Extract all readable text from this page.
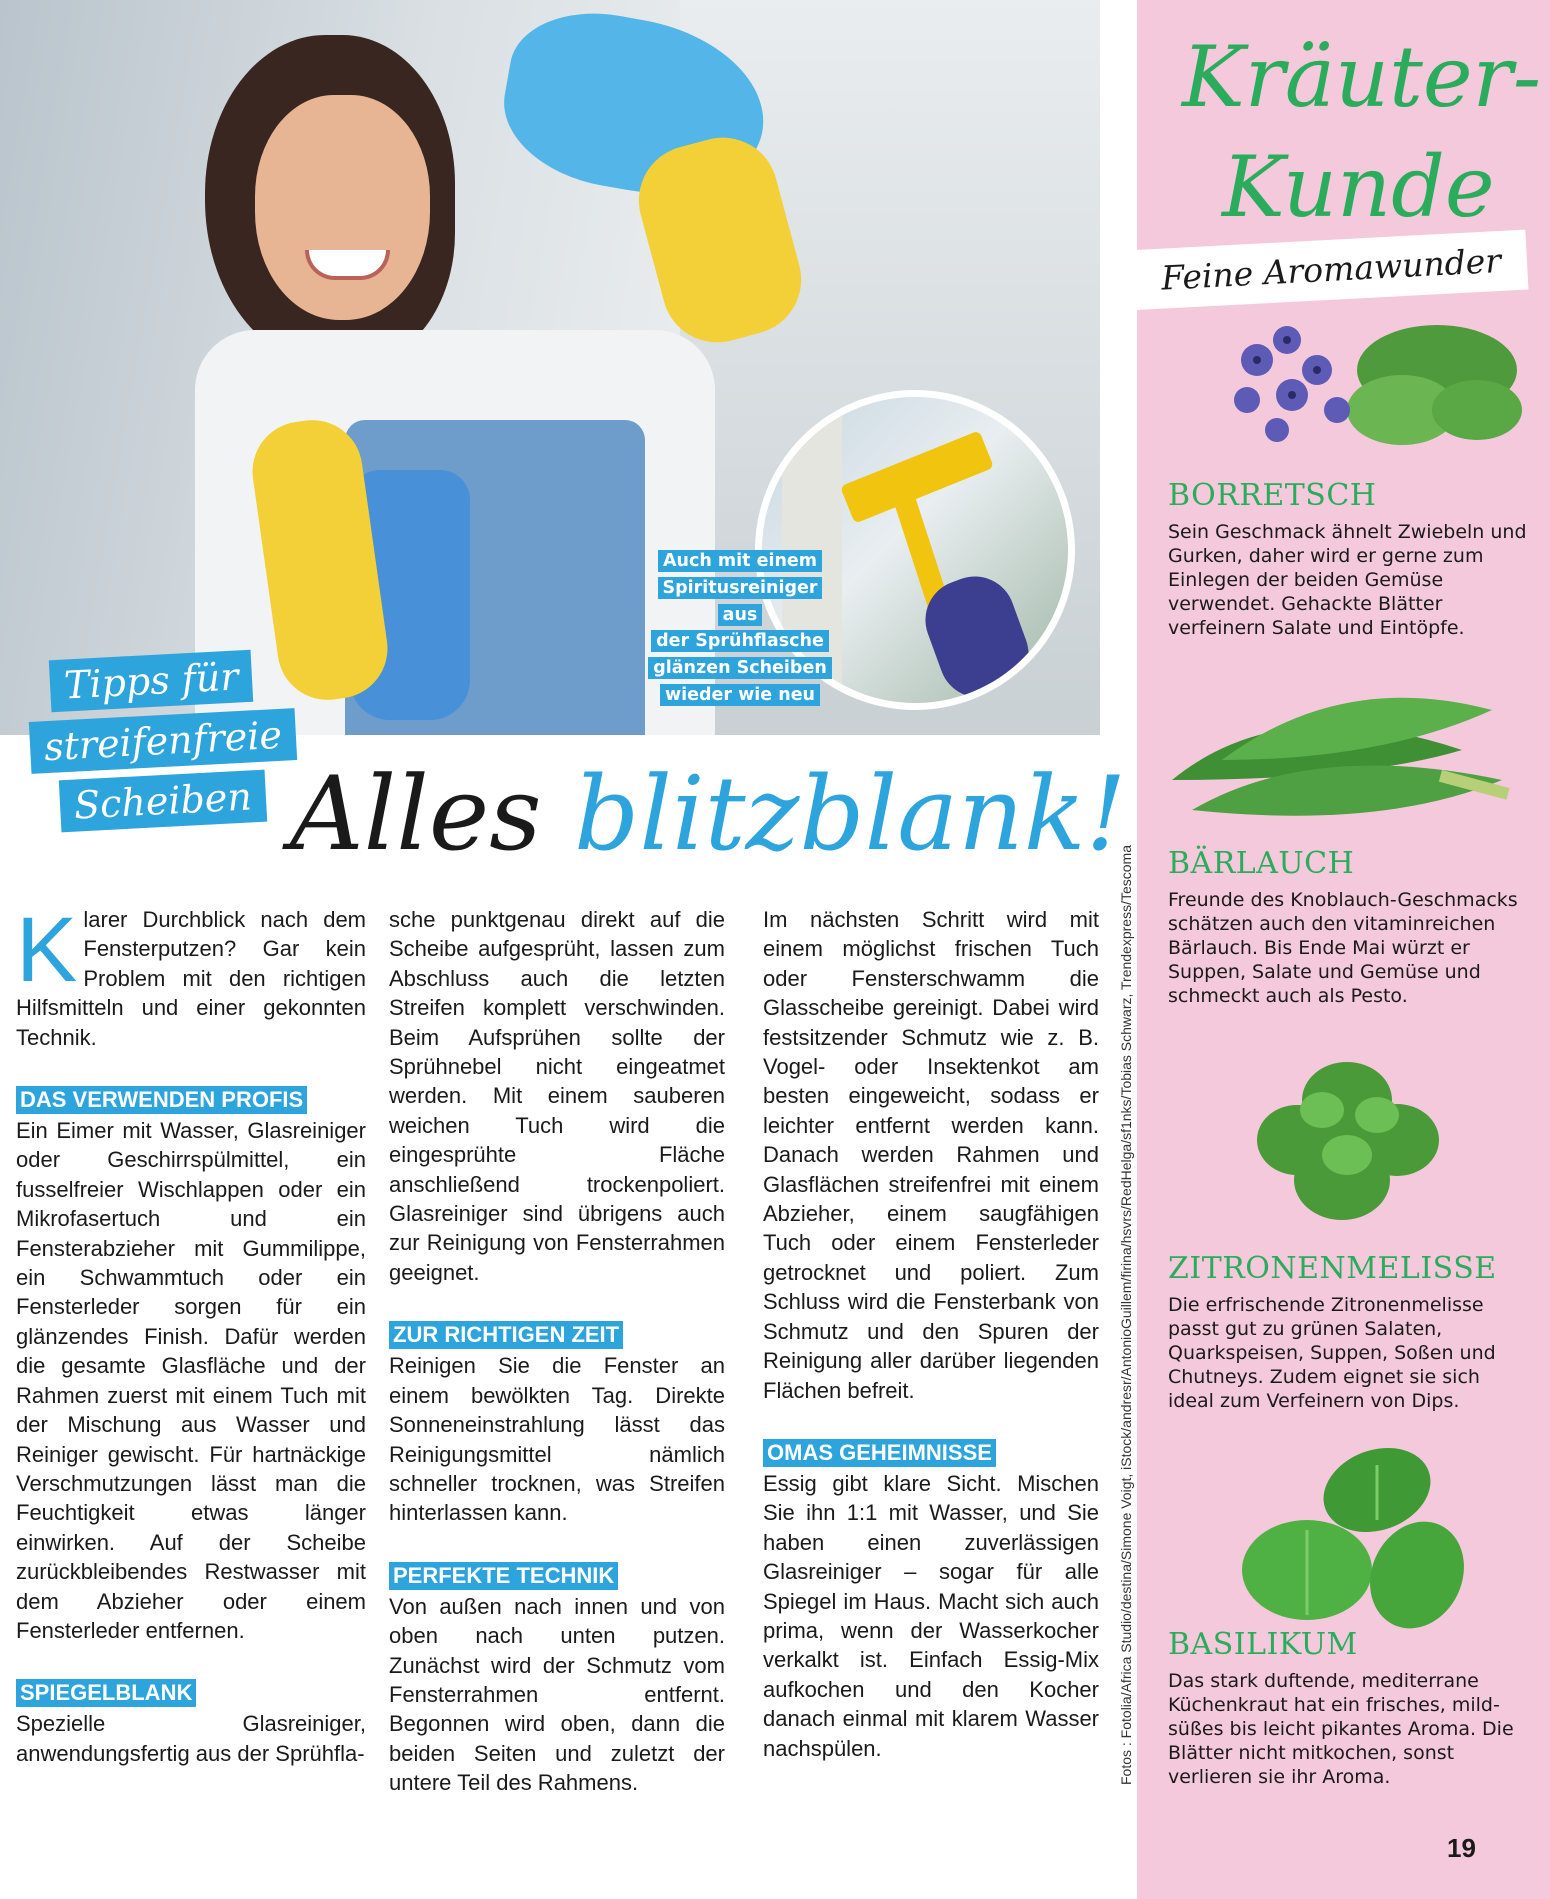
Auch mit einem
Spiritusreiniger aus
der Sprühflasche
glänzen Scheiben
wieder wie neu
Tipps für
streifenfreie
Scheiben Alles blitzblank!

Klarer Durchblick nach dem Fensterputzen? Gar kein Problem mit den richtigen Hilfsmitteln und einer gekonnten Technik.

DAS VERWENDEN PROFIS

Ein Eimer mit Wasser, Glasreiniger oder Geschirrspülmittel, ein fusselfreier Wischlappen oder ein Mikrofasertuch und ein Fensterabzieher mit Gummilippe, ein Schwammtuch oder ein Fensterleder sorgen für ein glänzendes Finish. Dafür werden die gesamte Glasfläche und der Rahmen zuerst mit einem Tuch mit der Mischung aus Wasser und Reiniger gewischt. Für hartnäckige Verschmutzungen lässt man die Feuchtigkeit etwas länger einwirken. Auf der Scheibe zurückbleibendes Restwasser mit dem Abzieher oder einem Fensterleder entfernen.

SPIEGELBLANK

Spezielle Glasreiniger, anwendungsfertig aus der Sprühfla-

sche punktgenau direkt auf die Scheibe aufgesprüht, lassen zum Abschluss auch die letzten Streifen komplett verschwinden. Beim Aufsprühen sollte der Sprühnebel nicht eingeatmet werden. Mit einem sauberen weichen Tuch wird die eingesprühte Fläche anschließend trockenpoliert. Glasreiniger sind übrigens auch zur Reinigung von Fensterrahmen geeignet.

ZUR RICHTIGEN ZEIT

Reinigen Sie die Fenster an einem bewölkten Tag. Direkte Sonneneinstrahlung lässt das Reinigungsmittel nämlich schneller trocknen, was Streifen hinterlassen kann.

PERFEKTE TECHNIK

Von außen nach innen und von oben nach unten putzen. Zunächst wird der Schmutz vom Fensterrahmen entfernt. Begonnen wird oben, dann die beiden Seiten und zuletzt der untere Teil des Rahmens.

Im nächsten Schritt wird mit einem möglichst frischen Tuch oder Fensterschwamm die Glasscheibe gereinigt. Dabei wird festsitzender Schmutz wie z. B. Vogel- oder Insektenkot am besten eingeweicht, sodass er leichter entfernt werden kann. Danach werden Rahmen und Glasflächen streifenfrei mit einem Abzieher, einem saugfähigen Tuch oder einem Fensterleder getrocknet und poliert. Zum Schluss wird die Fensterbank von Schmutz und den Spuren der Reinigung aller darüber liegenden Flächen befreit.

OMAS GEHEIMNISSE

Essig gibt klare Sicht. Mischen Sie ihn 1:1 mit Wasser, und Sie haben einen zuverlässigen Glasreiniger – sogar für alle Spiegel im Haus. Macht sich auch prima, wenn der Wasserkocher verkalkt ist. Einfach Essig-Mix aufkochen und den Kocher danach einmal mit klarem Wasser nachspülen.	Fotos : Fotolia/Africa Studio/destina/Simone Voigt, iStock/andresr/AntonioGuillem/firina/hsvrs/RedHelga/sf1nks/Tobias Schwarz, Trendexpress/Tescoma
Kräuter-
Kunde
Feine Aromawunder
BORRETSCH
Sein Geschmack ähnelt Zwiebeln und Gurken, daher wird er gerne zum Einlegen der beiden Gemüse verwendet. Gehackte Blätter verfeinern Salate und Eintöpfe.
BÄRLAUCH
Freunde des Knoblauch-Geschmacks schätzen auch den vitaminreichen Bärlauch. Bis Ende Mai würzt er Suppen, Salate und Gemüse und schmeckt auch als Pesto.
ZITRONENMELISSE
Die erfrischende Zitronenmelisse passt gut zu grünen Salaten, Quarkspeisen, Suppen, Soßen und Chutneys. Zudem eignet sie sich ideal zum Verfeinern von Dips.
BASILIKUM
Das stark duftende, mediterrane Küchenkraut hat ein frisches, mild-süßes bis leicht pikantes Aroma. Die Blätter nicht mitkochen, sonst verlieren sie ihr Aroma.
19
